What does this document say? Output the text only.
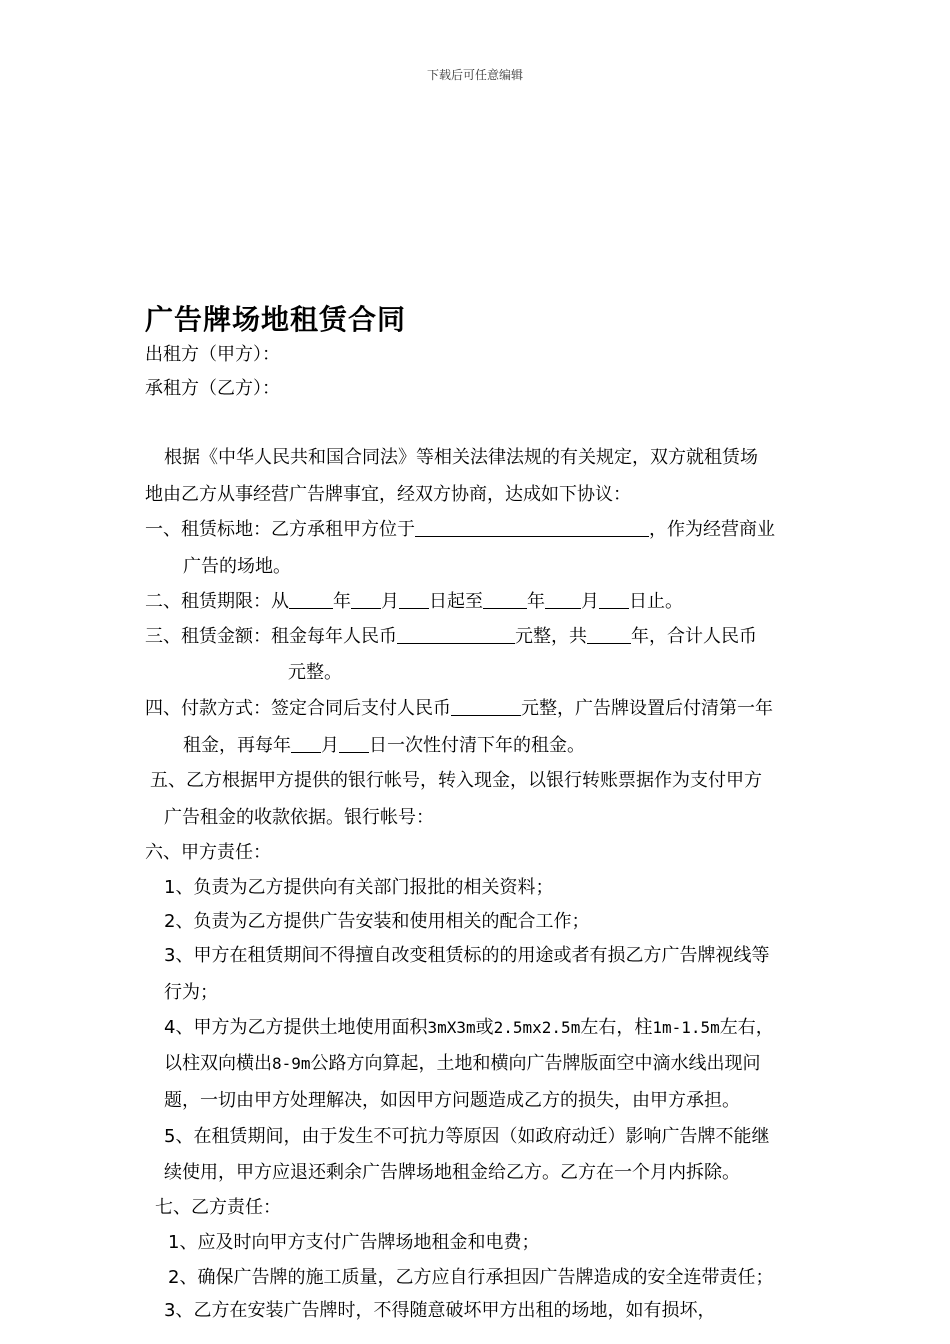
下载后可任意编辑
广告牌场地租赁合同
出租方（甲方）：
承租方（乙方）：
根据《中华人民共和国合同法》等相关法律法规的有关规定，双方就租赁场
地由乙方从事经营广告牌事宜，经双方协商，达成如下协议：
一、租赁标地：乙方承租甲方位于	，作为经营商业
广告的场地。
二、租赁期限：从 年 月 日起至 年 月 日止。
三、租赁金额：租金每年人民币	元整，共 年，合计人民币
元整。
四、付款方式：签定合同后支付人民币	元整，广告牌设置后付清第一年
租金，再每年 月 日一次性付清下年的租金。
五、乙方根据甲方提供的银行帐号，转入现金，以银行转账票据作为支付甲方
广告租金的收款依据。银行帐号：
六、甲方责任：
1、负责为乙方提供向有关部门报批的相关资料；
2、负责为乙方提供广告安装和使用相关的配合工作；
3、甲方在租赁期间不得擅自改变租赁标的的用途或者有损乙方广告牌视线等
行为；
4、甲方为乙方提供土地使用面积3mX3m或2.5mx2.5m左右，柱1m-1.5m左右，
以柱双向横出8-9m公路方向算起，土地和横向广告牌版面空中滴水线出现问
题，一切由甲方处理解决，如因甲方问题造成乙方的损失，由甲方承担。
5、在租赁期间，由于发生不可抗力等原因（如政府动迁）影响广告牌不能继
续使用，甲方应退还剩余广告牌场地租金给乙方。乙方在一个月内拆除。
七、乙方责任：
1、应及时向甲方支付广告牌场地租金和电费；
2、确保广告牌的施工质量，乙方应自行承担因广告牌造成的安全连带责任；
3、乙方在安装广告牌时，不得随意破坏甲方出租的场地，如有损坏，
